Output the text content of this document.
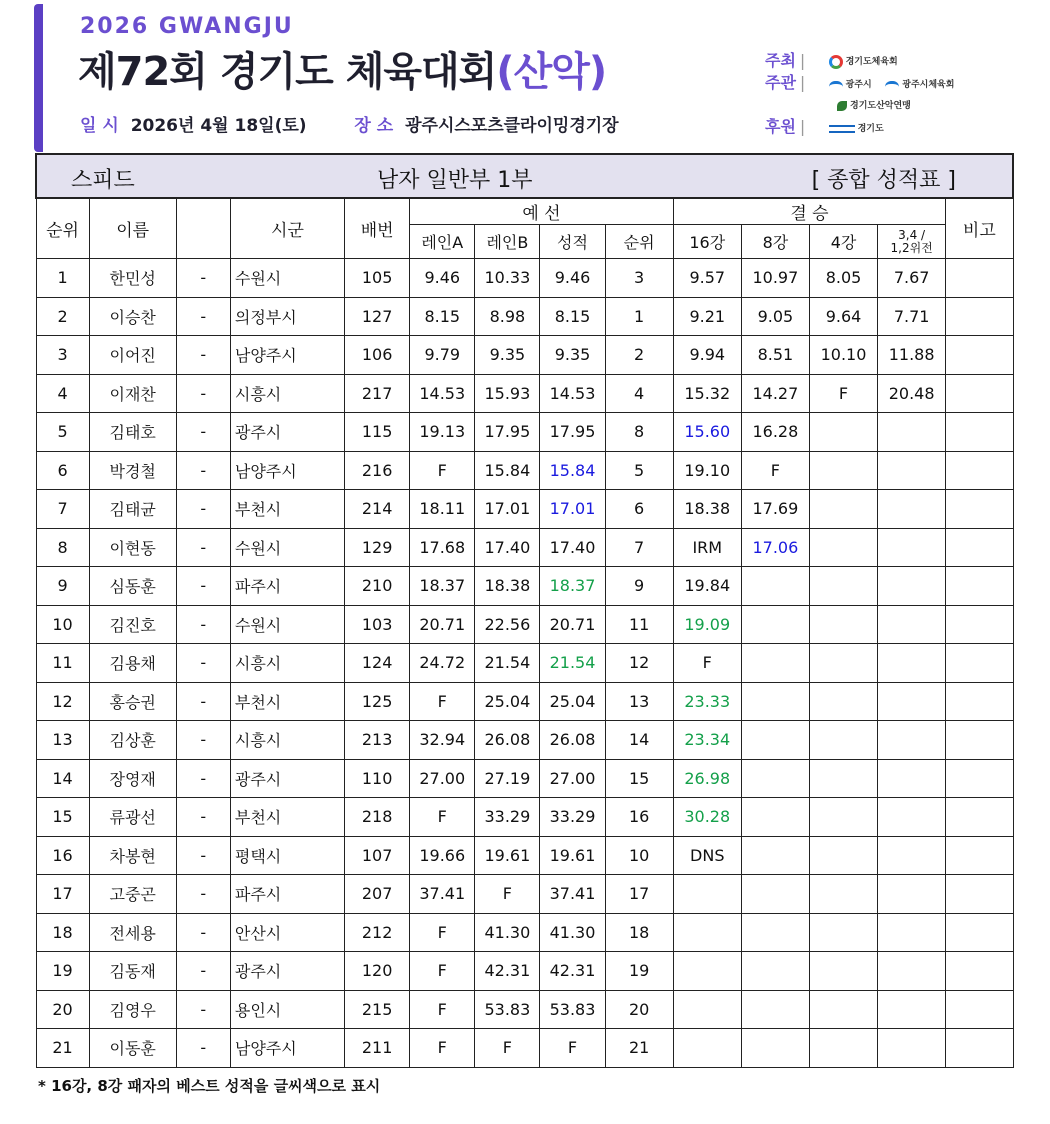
2026 GWANGJU
제72회 경기도 체육대회(산악)
일 시 2026년 4월 18일(토)	장 소 광주시스포츠클라이밍경기장
주최 |	경기도체육회
주관 |	광주시	광주시체육회
경기도산악연맹
후원 |	경기도
스피드 남자 일반부 1부 [ 종합 성적표 ]													

순위	이름		시군	배번	예 선				결 승				비고
					레인A	레인B	성적	순위	16강	8강	4강	3,4 /
1,2위전	
1	한민성	-	수원시	105	9.46	10.33	9.46	3	9.57	10.97	8.05	7.67	
2	이승찬	-	의정부시	127	8.15	8.98	8.15	1	9.21	9.05	9.64	7.71	
3	이어진	-	남양주시	106	9.79	9.35	9.35	2	9.94	8.51	10.10	11.88	
4	이재찬	-	시흥시	217	14.53	15.93	14.53	4	15.32	14.27	F	20.48	
5	김태호	-	광주시	115	19.13	17.95	17.95	8	15.60	16.28			
6	박경철	-	남양주시	216	F	15.84	15.84	5	19.10	F			
7	김태균	-	부천시	214	18.11	17.01	17.01	6	18.38	17.69			
8	이현동	-	수원시	129	17.68	17.40	17.40	7	IRM	17.06			
9	심동훈	-	파주시	210	18.37	18.38	18.37	9	19.84				
10	김진호	-	수원시	103	20.71	22.56	20.71	11	19.09				
11	김용채	-	시흥시	124	24.72	21.54	21.54	12	F				
12	홍승권	-	부천시	125	F	25.04	25.04	13	23.33				
13	김상훈	-	시흥시	213	32.94	26.08	26.08	14	23.34				
14	장영재	-	광주시	110	27.00	27.19	27.00	15	26.98				
15	류광선	-	부천시	218	F	33.29	33.29	16	30.28				
16	차봉현	-	평택시	107	19.66	19.61	19.61	10	DNS				
17	고중곤	-	파주시	207	37.41	F	37.41	17					
18	전세용	-	안산시	212	F	41.30	41.30	18					
19	김동재	-	광주시	120	F	42.31	42.31	19					
20	김영우	-	용인시	215	F	53.83	53.83	20					
21	이동훈	-	남양주시	211	F	F	F	21					
* 16강, 8강 패자의 베스트 성적을 글씨색으로 표시
